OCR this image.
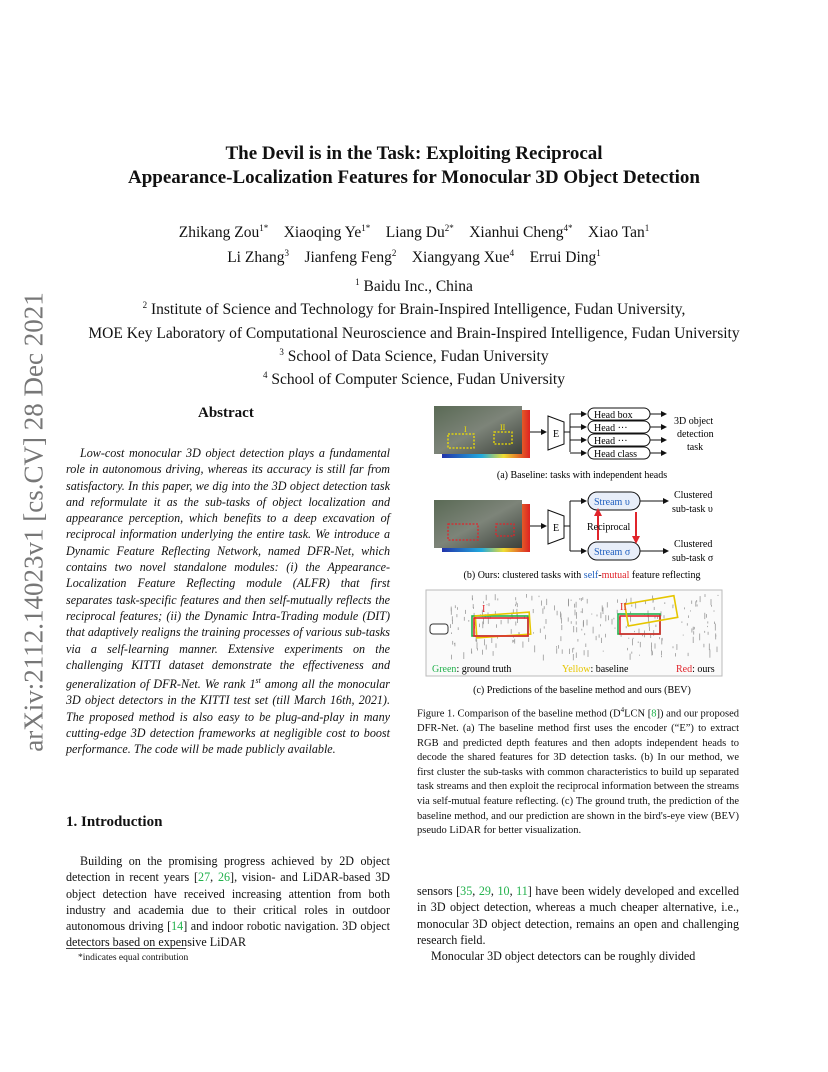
The Devil is in the Task: Exploiting Reciprocal
Appearance-Localization Features for Monocular 3D Object Detection
Zhikang Zou$^{1*}$  Xiaoqing $Ye^{1*}$  Liang $Du^{2*}$  Xianhui Cheng$^{4*}$  Xiao Tan$^1$
Li Zhang$^3$  Jianfeng Feng$^2$  Xiangyang Xue$^4$  Errui Ding$^1$
$^1$ Baidu Inc., China
$^2$ Institute of Science and Technology for Brain-Inspired Intelligence, Fudan University,
MOE Key Laboratory of Computational Neuroscience and Brain-Inspired Intelligence, Fudan University
$^3$ School of Data Science, Fudan University
$^4$ School of Computer Science, Fudan University
arXiv:2112.14023v1 [cs.CV] 28 Dec 2021	Abstract
Low-cost monocular 3D object detection plays a fundamental role in autonomous driving, whereas its accuracy is still far from satisfactory. In this paper, we dig into the 3D object detection task and reformulate it as the sub-tasks of object localization and appearance perception, which benefits to a deep excavation of reciprocal information underlying the entire task. We introduce a Dynamic Feature Reflecting Network, named DFR-Net, which contains two novel standalone modules: (i) the Appearance-Localization Feature Reflecting module (ALFR) that first separates task-specific features and then self-mutually reflects the reciprocal features; (ii) the Dynamic Intra-Trading module (DIT) that adaptively realigns the training processes of various sub-tasks via a self-learning manner. Extensive experiments on the challenging KITTI dataset demonstrate the effectiveness and generalization of DFR-Net. We rank 1st among all the monocular 3D object detectors in the KITTI test set (till March 16th, 2021). The proposed method is also easy to be plug-and-play in many cutting-edge 3D detection frameworks at negligible cost to boost performance. The code will be made publicly available.
1. Introduction
Building on the promising progress achieved by 2D object detection in recent years [27, 26], vision- and LiDAR-based 3D object detection have received increasing attention from both industry and academia due to their critical roles in outdoor autonomous driving [14] and indoor robotic navigation. 3D object detectors based on expensive LiDAR
*indicates equal contribution
I	II
E
Head box
Head ···
Head ···
Head class
3D object
detection
task
(a) Baseline: tasks with independent heads
E
Stream υ
Stream σ
Reciprocal
Clustered
sub-task υ
Clustered
sub-task σ
(b) Ours: clustered tasks with self-mutual feature reflecting
I	II
Green: ground truth	Yellow: baseline	Red: ours
(c) Predictions of the baseline method and ours (BEV)
Figure 1. Comparison of the baseline method ($D^4LCN$ [8]) and our proposed DFR-Net. (a) The baseline method first uses the encoder (“E”) to extract RGB and predicted depth features and then adopts independent heads to decode the shared features for 3D detection tasks. (b) In our method, we first cluster the sub-tasks with common characteristics to build up separated task streams and then exploit the reciprocal information between the streams via self-mutual feature reflecting. (c) The ground truth, the prediction of the baseline method, and our prediction are shown in the bird's-eye view (BEV) pseudo LiDAR for better visualization.
sensors [35, 29, 10, 11] have been widely developed and excelled in 3D object detection, whereas a much cheaper alternative, i.e., monocular 3D object detection, remains an open and challenging research field.
Monocular 3D object detectors can be roughly divided
